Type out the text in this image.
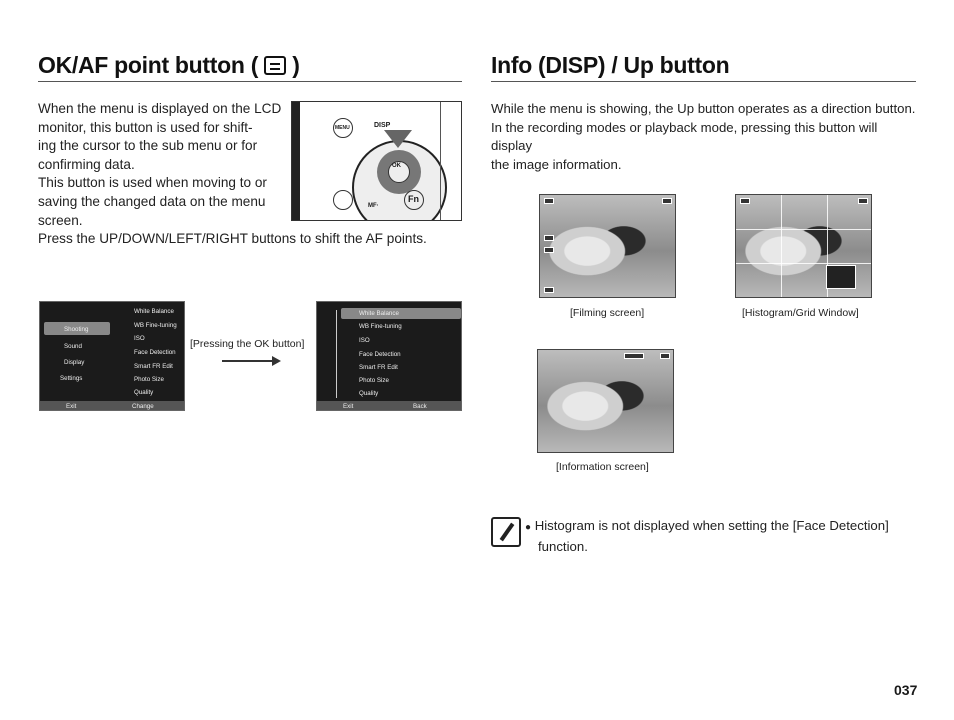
OK/AF point button ( )
When the menu is displayed on the LCD
monitor, this button is used for shift-
ing the cursor to the sub menu or for
confirming data.
This button is used when moving to or
saving the changed data on the menu
screen.
Press the UP/DOWN/LEFT/RIGHT buttons to shift the AF points.
MENU	DISP
OK
Fn
MF·
Shooting
Sound
Display
Settings
White Balance
WB Fine-tuning
ISO
Face Detection
Smart FR Edit
Photo Size
Quality
Exit	Change
[Pressing the OK button]
White Balance
WB Fine-tuning
ISO
Face Detection
Smart FR Edit
Photo Size
Quality
Exit	Back
Info (DISP) / Up button
While the menu is showing, the Up button operates as a direction button.
In the recording modes or playback mode, pressing this button will display
the image information.
[Filming screen]	[Histogram/Grid Window]
[Information screen]
● Histogram is not displayed when setting the [Face Detection]
function.
037
